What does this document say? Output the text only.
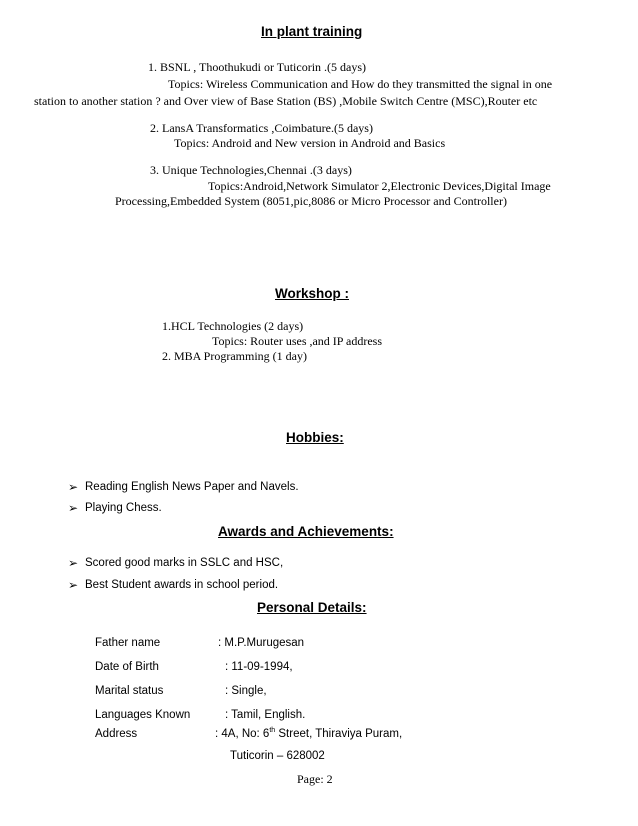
In plant training
1. BSNL , Thoothukudi or Tuticorin .(5 days)
Topics: Wireless Communication and How do they transmitted the signal in one
station to another station ? and Over view of Base Station (BS) ,Mobile Switch Centre (MSC),Router etc
2. LansA Transformatics ,Coimbature.(5 days)
Topics: Android and New version in Android and Basics
3. Unique Technologies,Chennai .(3 days)
Topics:Android,Network Simulator 2,Electronic Devices,Digital Image
Processing,Embedded System (8051,pic,8086 or Micro Processor and Controller)
Workshop :
1.HCL Technologies (2 days)
Topics: Router uses ,and IP address
2. MBA Programming (1 day)
Hobbies:
➢ Reading English News Paper and Navels.
➢ Playing Chess.
Awards and Achievements:
➢ Scored good marks in SSLC and HSC,
➢ Best Student awards in school period.
Personal Details:
Father name	: M.P.Murugesan
Date of Birth	: 11-09-1994,
Marital status	: Single,
Languages Known	: Tamil, English.
Address	: 4A, No: 6th Street, Thiraviya Puram,
Tuticorin – 628002
Page: 2
